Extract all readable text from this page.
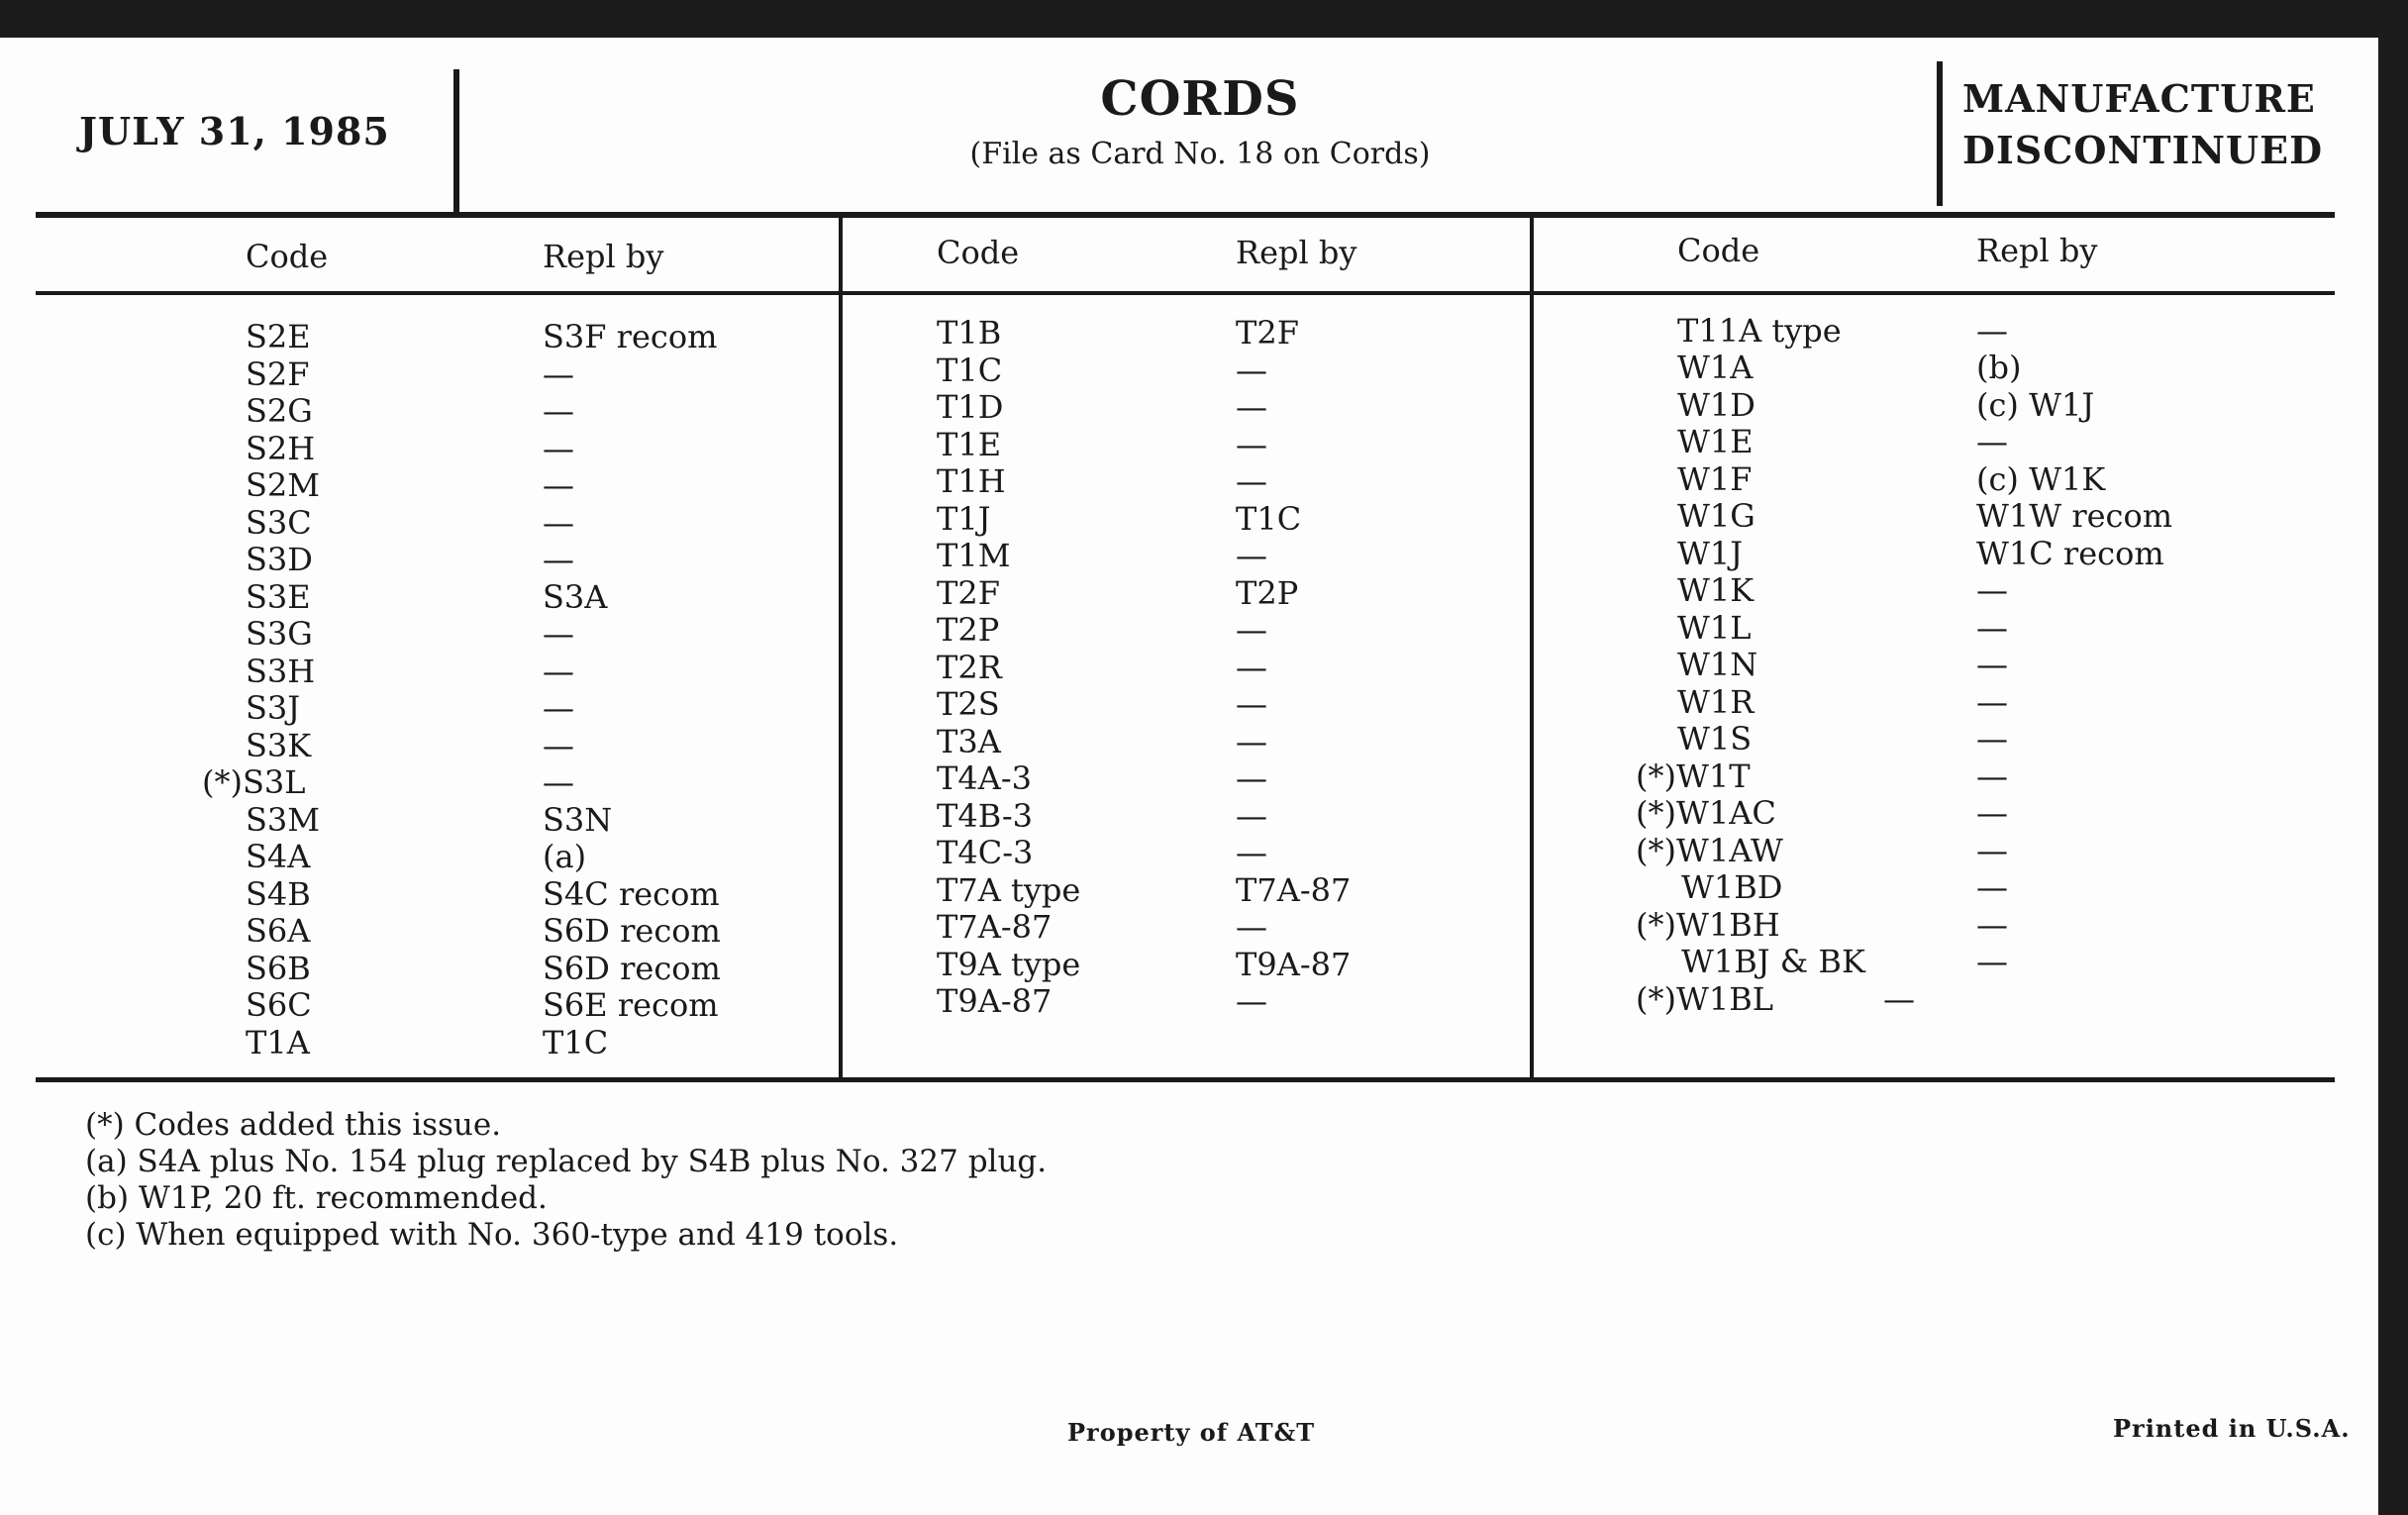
JULY 31, 1985
CORDS
(File as Card No. 18 on Cords)
MANUFACTURE
DISCONTINUED
Code	Repl by	Code	Repl by	Code	Repl by
S2E	S3F recom
S2F	—
S2G	—
S2H	—
S2M	—
S3C	—
S3D	—
S3E	S3A
S3G	—
S3H	—
S3J	—
S3K	—
(*)S3L	—
S3M	S3N
S4A	(a)
S4B	S4C recom
S6A	S6D recom
S6B	S6D recom
S6C	S6E recom
T1A	T1C
T1B	T2F
T1C	—
T1D	—
T1E	—
T1H	—
T1J	T1C
T1M	—
T2F	T2P
T2P	—
T2R	—
T2S	—
T3A	—
T4A-3	—
T4B-3	—
T4C-3	—
T7A type	T7A-87
T7A-87	—
T9A type	T9A-87
T9A-87	—
T11A type	—
W1A	(b)
W1D	(c) W1J
W1E	—
W1F	(c) W1K
W1G	W1W recom
W1J	W1C recom
W1K	—
W1L	—
W1N	—
W1R	—
W1S	—
(*)W1T	—
(*)W1AC	—
(*)W1AW	—
W1BD	—
(*)W1BH	—
W1BJ & BK	—
(*)W1BL	—
(*) Codes added this issue.
(a) S4A plus No. 154 plug replaced by S4B plus No. 327 plug.
(b) W1P, 20 ft. recommended.
(c) When equipped with No. 360-type and 419 tools.
Property of AT&T	Printed in U.S.A.
